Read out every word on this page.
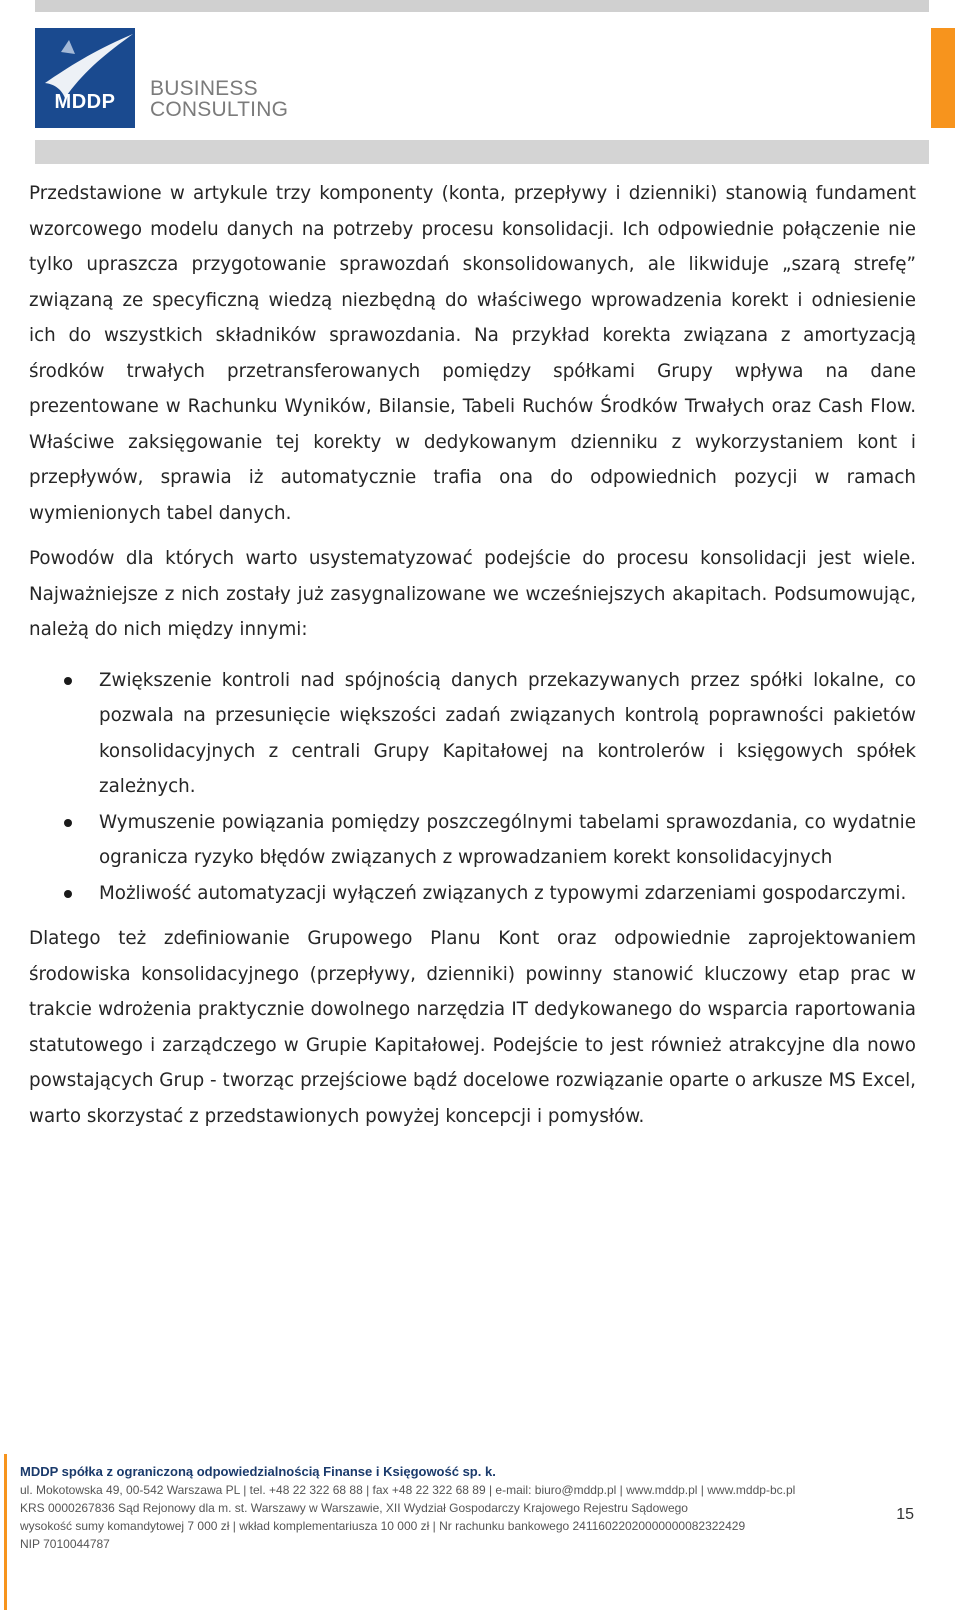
MDDP
BUSINESS
CONSULTING

Przedstawione w artykule trzy komponenty (konta, przepływy i dzienniki) stanowią fundament wzorcowego modelu danych na potrzeby procesu konsolidacji. Ich odpowiednie połączenie nie tylko upraszcza przygotowanie sprawozdań skonsolidowanych, ale likwiduje „szarą strefę” związaną ze specyficzną wiedzą niezbędną do właściwego wprowadzenia korekt i odniesienie ich do wszystkich składników sprawozdania. Na przykład korekta związana z amortyzacją środków trwałych przetransferowanych pomiędzy spółkami Grupy wpływa na dane prezentowane w Rachunku Wyników, Bilansie, Tabeli Ruchów Środków Trwałych oraz Cash Flow. Właściwe zaksięgowanie tej korekty w dedykowanym dzienniku z wykorzystaniem kont i przepływów, sprawia iż automatycznie trafia ona do odpowiednich pozycji w ramach wymienionych tabel danych.

Powodów dla których warto usystematyzować podejście do procesu konsolidacji jest wiele. Najważniejsze z nich zostały już zasygnalizowane we wcześniejszych akapitach. Podsumowując, należą do nich między innymi:

Zwiększenie kontroli nad spójnością danych przekazywanych przez spółki lokalne, co pozwala na przesunięcie większości zadań związanych kontrolą poprawności pakietów konsolidacyjnych z centrali Grupy Kapitałowej na kontrolerów i księgowych spółek zależnych.
Wymuszenie powiązania pomiędzy poszczególnymi tabelami sprawozdania, co wydatnie ogranicza ryzyko błędów związanych z wprowadzaniem korekt konsolidacyjnych
Możliwość automatyzacji wyłączeń związanych z typowymi zdarzeniami gospodarczymi.

Dlatego też zdefiniowanie Grupowego Planu Kont oraz odpowiednie zaprojektowaniem środowiska konsolidacyjnego (przepływy, dzienniki) powinny stanowić kluczowy etap prac w trakcie wdrożenia praktycznie dowolnego narzędzia IT dedykowanego do wsparcia raportowania statutowego i zarządczego w Grupie Kapitałowej. Podejście to jest również atrakcyjne dla nowo powstających Grup - tworząc przejściowe bądź docelowe rozwiązanie oparte o arkusze MS Excel, warto skorzystać z przedstawionych powyżej koncepcji i pomysłów.

MDDP spółka z ograniczoną odpowiedzialnością Finanse i Księgowość sp. k.
ul. Mokotowska 49, 00-542 Warszawa PL | tel. +48 22 322 68 88 | fax +48 22 322 68 89 | e-mail: biuro@mddp.pl | www.mddp.pl | www.mddp-bc.pl
KRS 0000267836 Sąd Rejonowy dla m. st. Warszawy w Warszawie, XII Wydział Gospodarczy Krajowego Rejestru Sądowego
wysokość sumy komandytowej 7 000 zł | wkład komplementariusza 10 000 zł | Nr rachunku bankowego 24116022020000000082322429
NIP 7010044787
15
